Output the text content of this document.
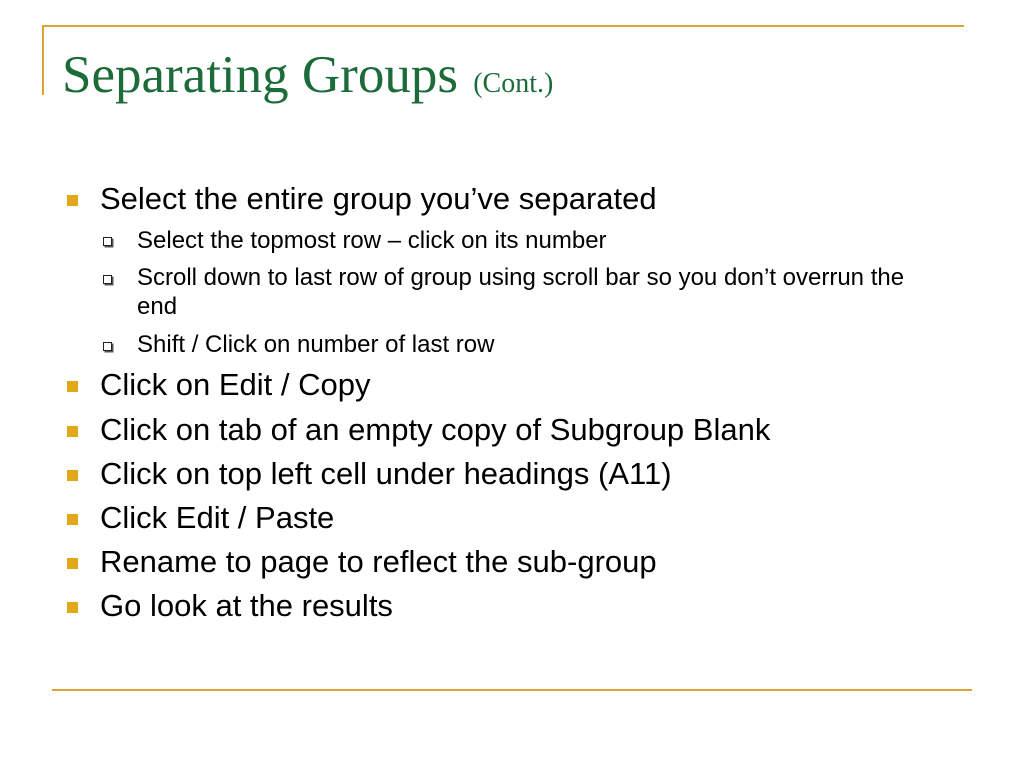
Separating Groups (Cont.)
Select the entire group you’ve separated
Select the topmost row – click on its number
Scroll down to last row of group using scroll bar so you don’t overrun the end
Shift / Click on number of last row
Click on Edit / Copy
Click on tab of an empty copy of Subgroup Blank
Click on top left cell under headings (A11)
Click Edit / Paste
Rename to page to reflect the sub-group
Go look at the results
